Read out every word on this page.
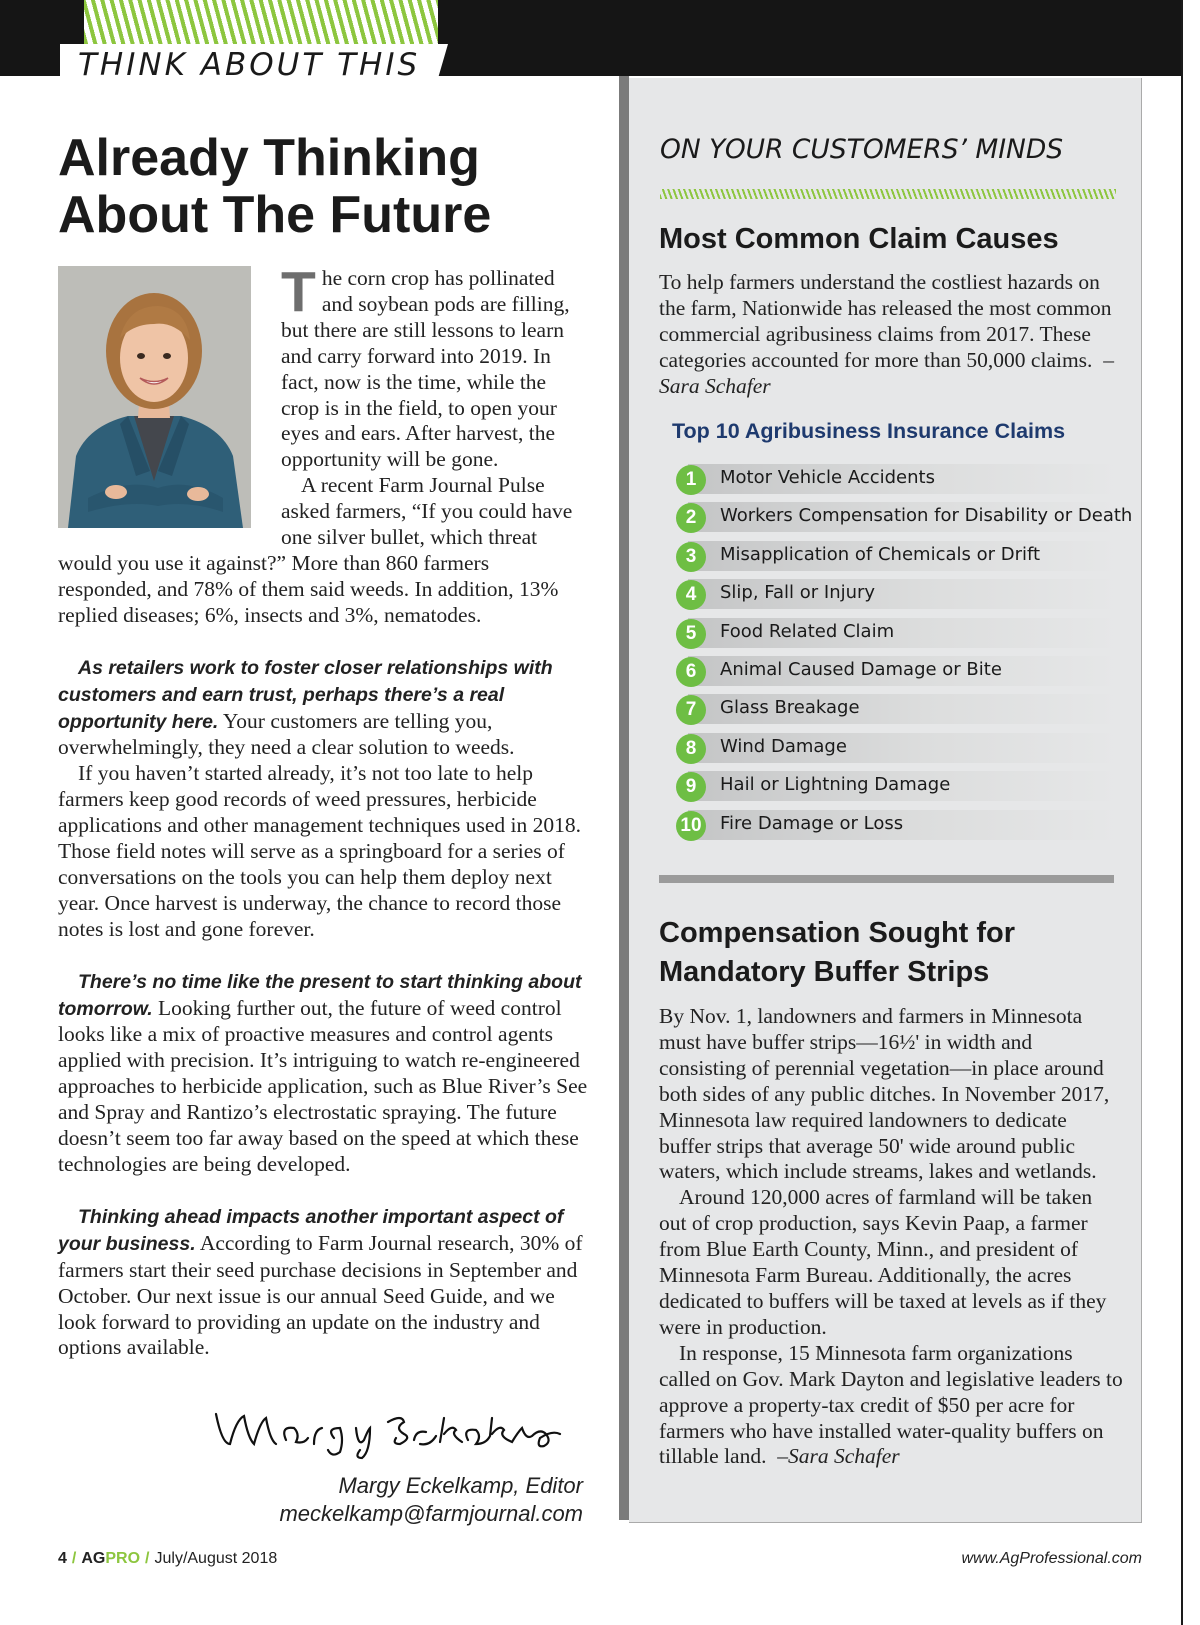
THINK ABOUT THIS
Already Thinking About The Future

The corn crop has pollinated and soybean pods are filling, but there are still lessons to learn and carry forward into 2019. In fact, now is the time, while the crop is in the field, to open your eyes and ears. After harvest, the opportunity will be gone.

A recent Farm Journal Pulse asked farmers, “If you could have one silver bullet, which threat would you use it against?” More than 860 farmers responded, and 78% of them said weeds. In addition, 13% replied diseases; 6%, insects and 3%, nematodes.

As retailers work to foster closer relationships with customers and earn trust, perhaps there’s a real opportunity here. Your customers are telling you, overwhelmingly, they need a clear solution to weeds.

If you haven’t started already, it’s not too late to help farmers keep good records of weed pressures, herbicide applications and other management techniques used in 2018. Those field notes will serve as a springboard for a series of conversations on the tools you can help them deploy next year. Once harvest is underway, the chance to record those notes is lost and gone forever.

There’s no time like the present to start thinking about tomorrow. Looking further out, the future of weed control looks like a mix of proactive measures and control agents applied with precision. It’s intriguing to watch re-engineered approaches to herbicide application, such as Blue River’s See and Spray and Rantizo’s electrostatic spraying. The future doesn’t seem too far away based on the speed at which these technologies are being developed.

Thinking ahead impacts another important aspect of your business. According to Farm Journal research, 30% of farmers start their seed purchase decisions in September and October. Our next issue is our annual Seed Guide, and we look forward to providing an update on the industry and options available.

Margy Eckelkamp, Editor
meckelkamp@farmjournal.com
4 / AGPRO / July/August 2018	www.AgProfessional.com
ON YOUR CUSTOMERS’ MINDS
Most Common Claim Causes

To help farmers understand the costliest hazards on the farm, Nationwide has released the most common commercial agribusiness claims from 2017. These categories accounted for more than 50,000 claims. –Sara Schafer

Top 10 Agribusiness Insurance Claims
1	Motor Vehicle Accidents
2	Workers Compensation for Disability or Death
3	Misapplication of Chemicals or Drift
4	Slip, Fall or Injury
5	Food Related Claim
6	Animal Caused Damage or Bite
7	Glass Breakage
8	Wind Damage
9	Hail or Lightning Damage
10 Fire Damage or Loss
Compensation Sought for
Mandatory Buffer Strips

By Nov. 1, landowners and farmers in Minnesota must have buffer strips—16½' in width and consisting of perennial vegetation—in place around both sides of any public ditches. In November 2017, Minnesota law required landowners to dedicate buffer strips that average 50' wide around public waters, which include streams, lakes and wetlands.

Around 120,000 acres of farmland will be taken out of crop production, says Kevin Paap, a farmer from Blue Earth County, Minn., and president of Minnesota Farm Bureau. Additionally, the acres dedicated to buffers will be taxed at levels as if they were in production.

In response, 15 Minnesota farm organizations called on Gov. Mark Dayton and legislative leaders to approve a property-tax credit of $50 per acre for farmers who have installed water-quality buffers on tillable land. –Sara Schafer
